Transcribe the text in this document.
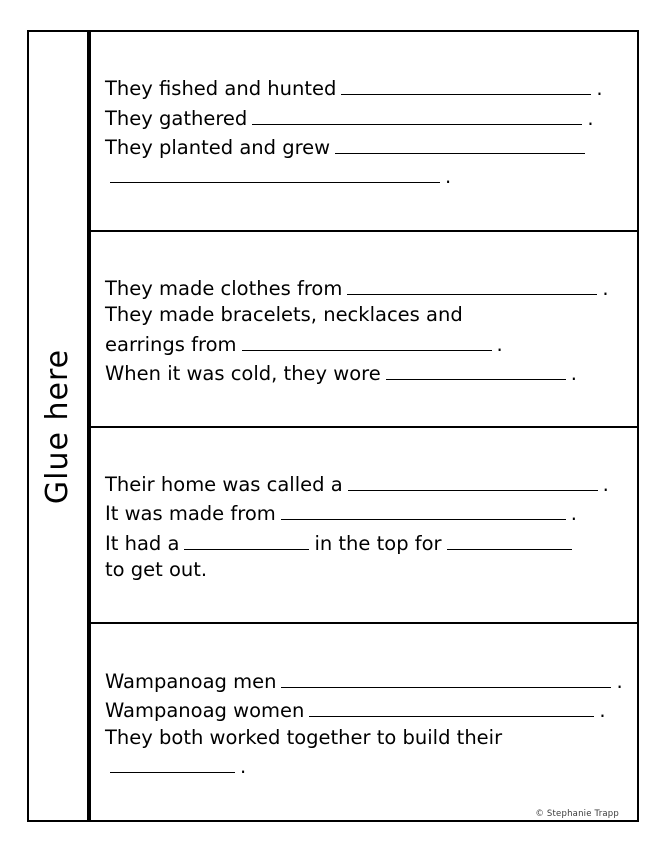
Glue here
They fished and hunted	.
They gathered	.
They planted and grew
.
They made clothes from	.
They made bracelets, necklaces and
earrings from	.
When it was cold, they wore	.
Their home was called a	.
It was made from	.
It had a	in the top for
to get out.
Wampanoag men	.
Wampanoag women	.
They both worked together to build their
.
© Stephanie Trapp
